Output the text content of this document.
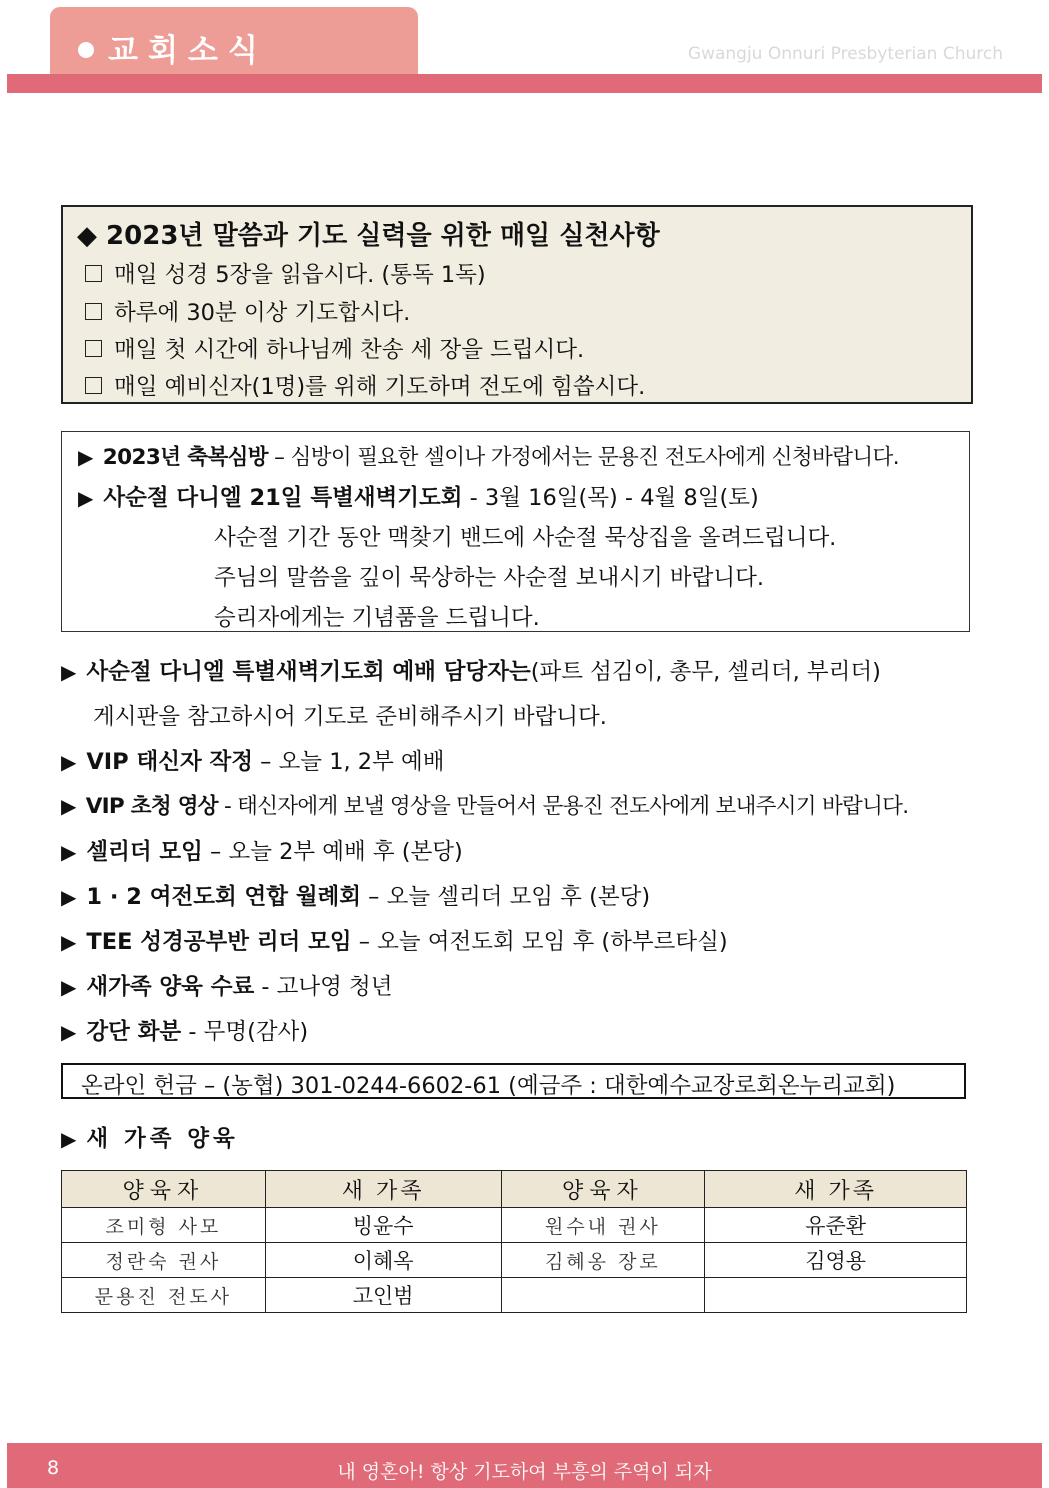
교회소식	Gwangju Onnuri Presbyterian Church
◆ 2023년 말씀과 기도 실력을 위한 매일 실천사항
매일 성경 5장을 읽읍시다. (통독 1독)
하루에 30분 이상 기도합시다.
매일 첫 시간에 하나님께 찬송 세 장을 드립시다.
매일 예비신자(1명)를 위해 기도하며 전도에 힘씁시다.
▶ 2023년 축복심방 – 심방이 필요한 셀이나 가정에서는 문용진 전도사에게 신청바랍니다.
▶ 사순절 다니엘 21일 특별새벽기도회 - 3월 16일(목) - 4월 8일(토)
사순절 기간 동안 맥찾기 밴드에 사순절 묵상집을 올려드립니다.
주님의 말씀을 깊이 묵상하는 사순절 보내시기 바랍니다.
승리자에게는 기념품을 드립니다.
▶ 사순절 다니엘 특별새벽기도회 예배 담당자는(파트 섬김이, 총무, 셀리더, 부리더)
게시판을 참고하시어 기도로 준비해주시기 바랍니다.
▶ VIP 태신자 작정 – 오늘 1, 2부 예배
▶ VIP 초청 영상 - 태신자에게 보낼 영상을 만들어서 문용진 전도사에게 보내주시기 바랍니다.
▶ 셀리더 모임 – 오늘 2부 예배 후 (본당)
▶ 1 · 2 여전도회 연합 월례회 – 오늘 셀리더 모임 후 (본당)
▶ TEE 성경공부반 리더 모임 – 오늘 여전도회 모임 후 (하부르타실)
▶ 새가족 양육 수료 - 고나영 청년
▶ 강단 화분 - 무명(감사)
온라인 헌금 – (농협) 301-0244-6602-61 (예금주 : 대한예수교장로회온누리교회)
▶ 새 가족 양육
양육자	새 가족	양육자	새 가족
조미형 사모	빙윤수	원수내 권사	유준환
정란숙 권사	이혜옥	김혜옹 장로	김영용
문용진 전도사	고인범		
8	내 영혼아! 항상 기도하여 부흥의 주역이 되자
